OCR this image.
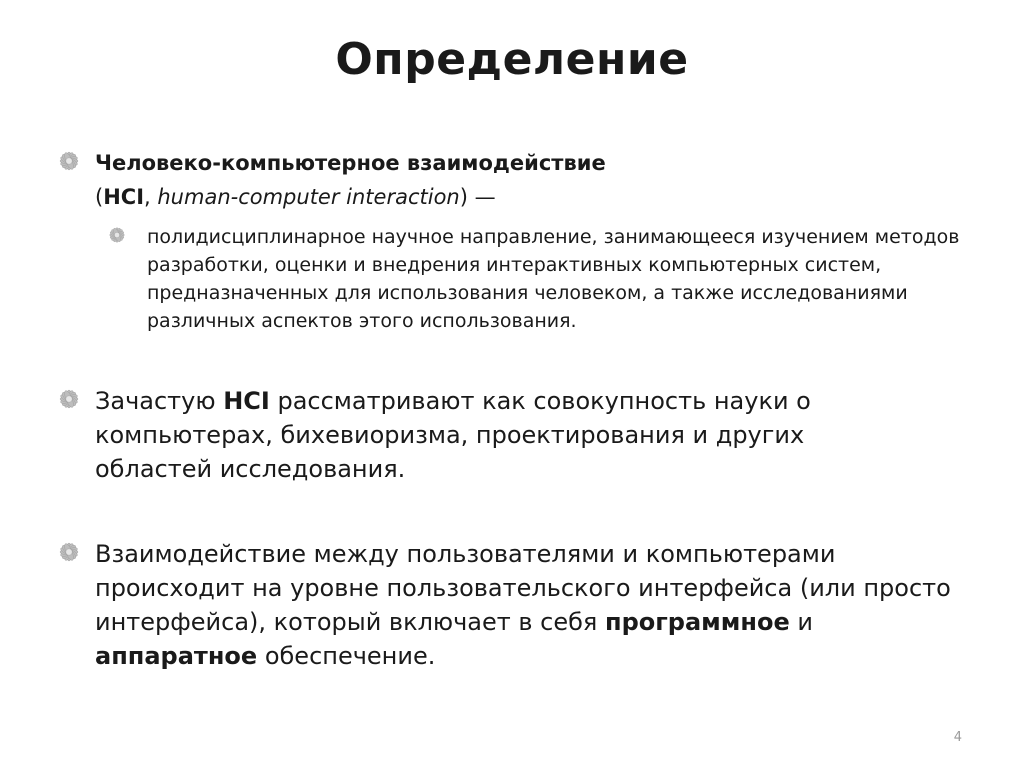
Определение
Человеко-компьютерное взаимодействие
(HCI, human-computer interaction) —
полидисциплинарное научное направление, занимающееся изучением методов разработки, оценки и внедрения интерактивных компьютерных систем, предназначенных для использования человеком, а также исследованиями различных аспектов этого использования.
Зачастую HCI рассматривают как совокупность науки о компьютерах, бихевиоризма, проектирования и других областей исследования.
Взаимодействие между пользователями и компьютерами происходит на уровне пользовательского интерфейса (или просто интерфейса), который включает в себя программное и аппаратное обеспечение.
4
